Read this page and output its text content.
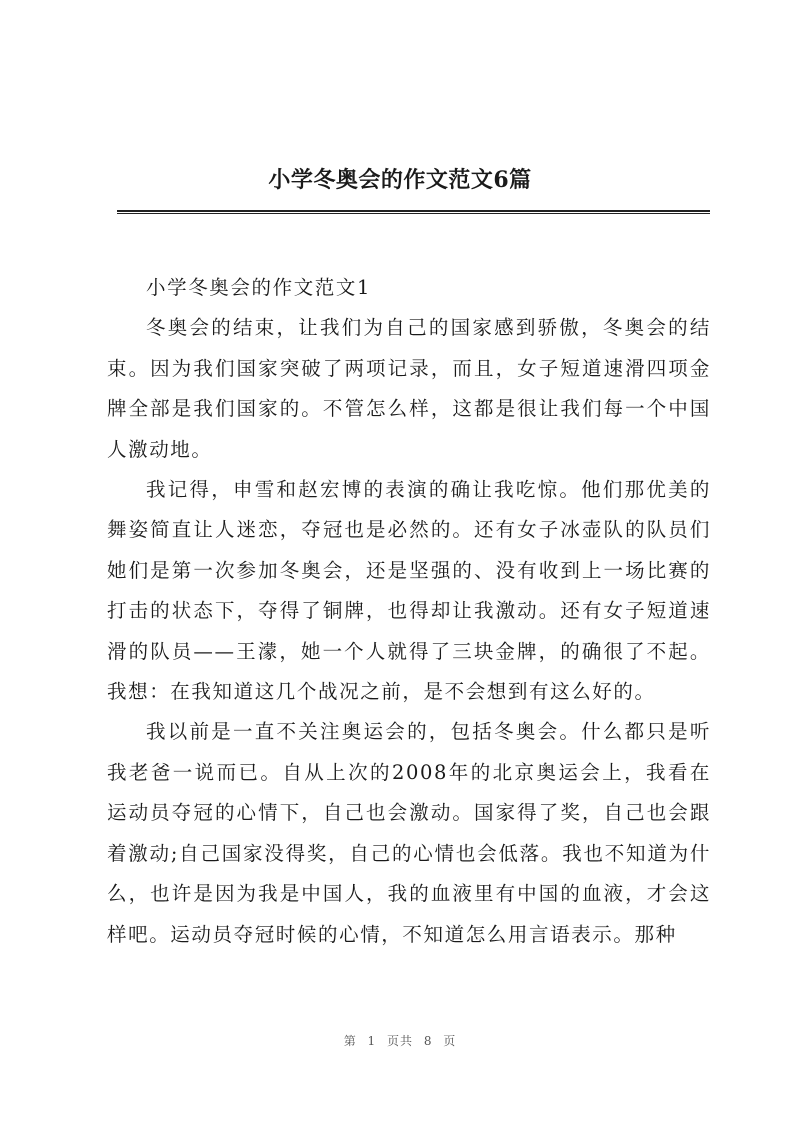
小学冬奥会的作文范文6篇

小学冬奥会的作文范文1

冬奥会的结束，让我们为自己的国家感到骄傲，冬奥会的结束。因为我们国家突破了两项记录，而且，女子短道速滑四项金牌全部是我们国家的。不管怎么样，这都是很让我们每一个中国人激动地。

我记得，申雪和赵宏博的表演的确让我吃惊。他们那优美的舞姿简直让人迷恋，夺冠也是必然的。还有女子冰壶队的队员们她们是第一次参加冬奥会，还是坚强的、没有收到上一场比赛的打击的状态下，夺得了铜牌，也得却让我激动。还有女子短道速滑的队员——王濛，她一个人就得了三块金牌，的确很了不起。我想：在我知道这几个战况之前，是不会想到有这么好的。

我以前是一直不关注奥运会的，包括冬奥会。什么都只是听我老爸一说而已。自从上次的2008年的北京奥运会上，我看在运动员夺冠的心情下，自己也会激动。国家得了奖，自己也会跟着激动;自己国家没得奖，自己的心情也会低落。我也不知道为什么，也许是因为我是中国人，我的血液里有中国的血液，才会这样吧。运动员夺冠时候的心情，不知道怎么用言语表示。那种

第 1 页共 8 页
